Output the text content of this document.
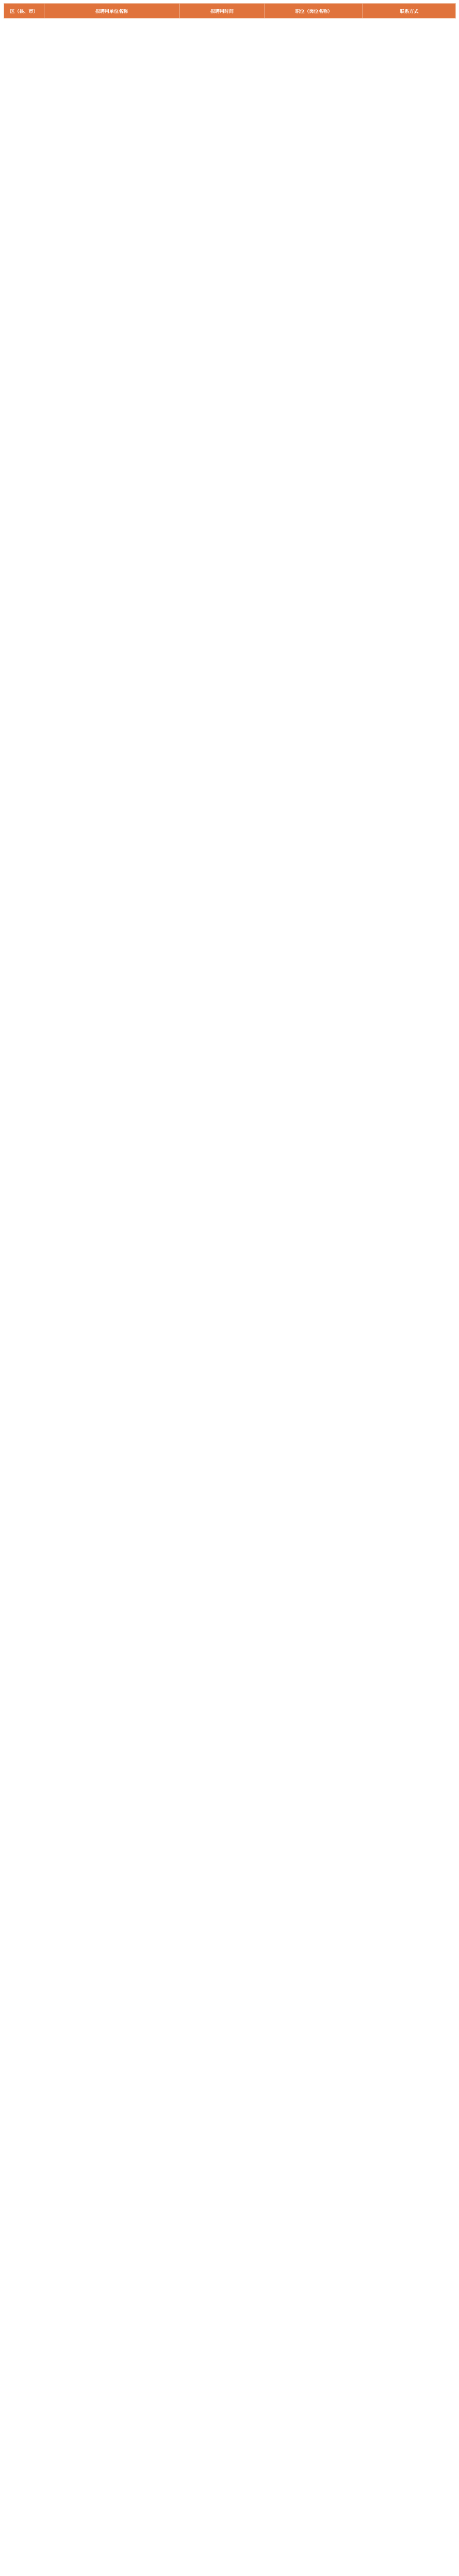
区（县、市）	拟聘用单位名称	拟聘用时间	职位（岗位名称）	联系方式
